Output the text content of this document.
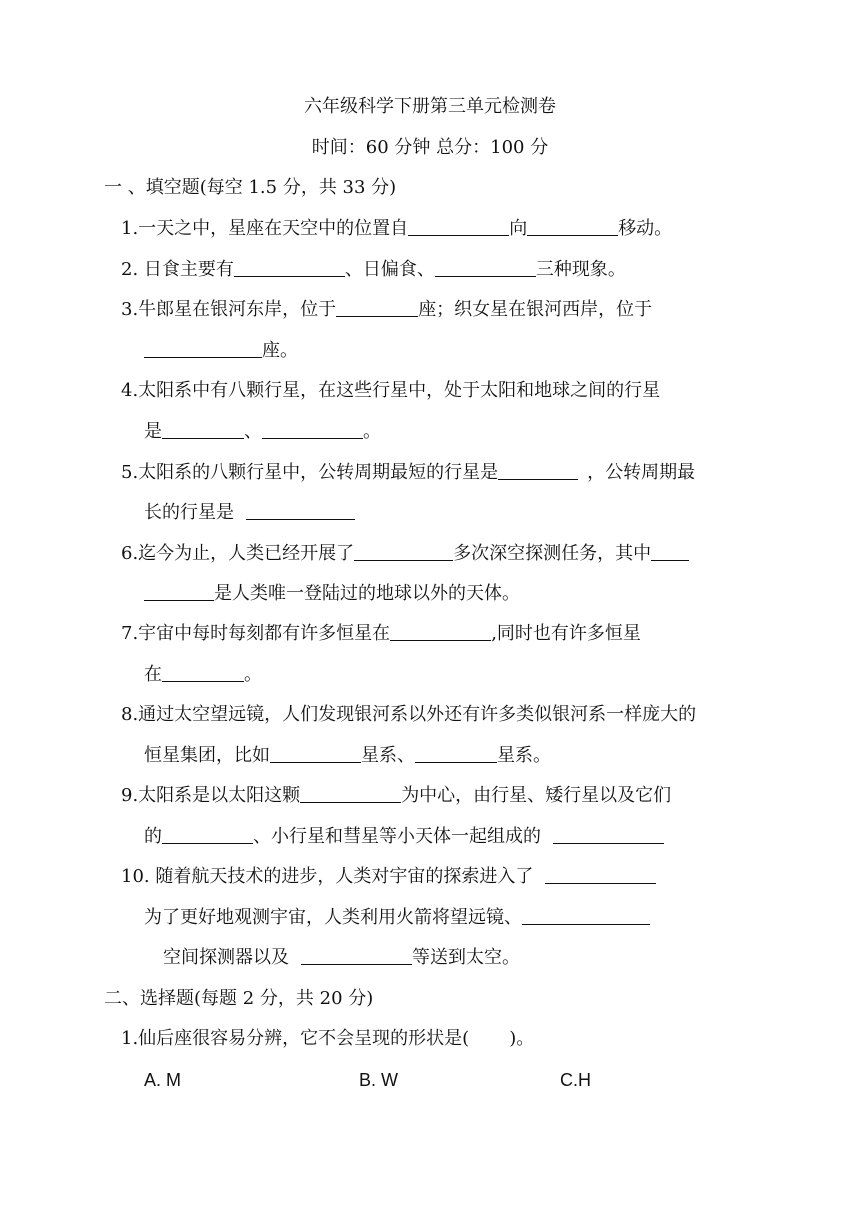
六年级科学下册第三单元检测卷
时间：60 分钟 总分：100 分
一 、填空题(每空 1.5 分，共 33 分)
1.一天之中，星座在天空中的位置自	向	移动。
2. 日食主要有	、日偏食、	三种现象。
3.牛郎星在银河东岸，位于	座；织女星在银河西岸，位于
座。
4.太阳系中有八颗行星，在这些行星中，处于太阳和地球之间的行星
是	、	。
5.太阳系的八颗行星中，公转周期最短的行星是	，公转周期最
长的行星是
6.迄今为止，人类已经开展了	多次深空探测任务，其中
是人类唯一登陆过的地球以外的天体。
7.宇宙中每时每刻都有许多恒星在	,同时也有许多恒星
在	。
8.通过太空望远镜，人们发现银河系以外还有许多类似银河系一样庞大的
恒星集团，比如	星系、	星系。
9.太阳系是以太阳这颗	为中心，由行星、矮行星以及它们
的	、小行星和彗星等小天体一起组成的
10. 随着航天技术的进步，人类对宇宙的探索进入了
为了更好地观测宇宙，人类利用火箭将望远镜、
空间探测器以及	等送到太空。
二、选择题(每题 2 分，共 20 分)
1.仙后座很容易分辨，它不会呈现的形状是( )。
A. M	B. W	C.H
